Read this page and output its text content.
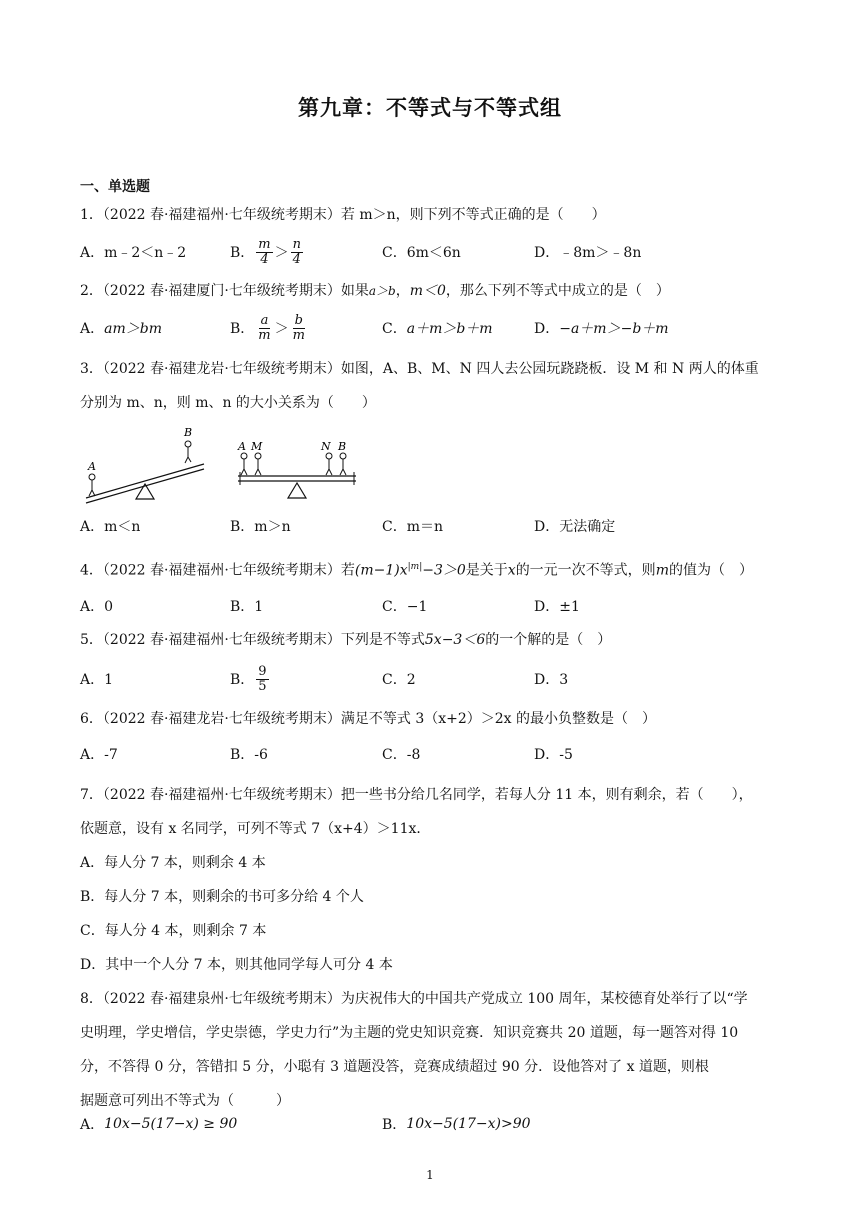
第九章：不等式与不等式组
一、单选题
1．（2022 春·福建福州·七年级统考期末）若 m＞n，则下列不等式正确的是（　　）
A．m﹣2＜n﹣2	B． $\frac{m}{4} > \frac{n}{4}$	C．6m＜6n	D．﹣8m＞﹣8n
2．（2022 春·福建厦门·七年级统考期末）如果a＞b，m＜0，那么下列不等式中成立的是（　）
A． am＞bm	B． $\frac{a}{m} > \frac{b}{m}$	C． a＋m＞b＋m	D． −a＋m＞−b＋m
3．（2022 春·福建龙岩·七年级统考期末）如图，A、B、M、N 四人去公园玩跷跷板．设 M 和 N 两人的体重
分别为 m、n，则 m、n 的大小关系为（　　）
A
B
A M	N B
A．m＜n	B．m＞n	C．m＝n	D．无法确定
4．（2022 春·福建福州·七年级统考期末）若$(m-1)x^{|m|}-3>0$是关于x的一元一次不等式，则m的值为（　）
A．0	B．1	C．−1	D．±1
5．（2022 春·福建福州·七年级统考期末）下列是不等式5x−3＜6的一个解的是（　）
A．1	B． $\frac{9}{5}$	C．2	D．3
6．（2022 春·福建龙岩·七年级统考期末）满足不等式 3（x+2）＞2x 的最小负整数是（　）
A．-7	B．-6	C．-8	D．-5
7．（2022 春·福建福州·七年级统考期末）把一些书分给几名同学，若每人分 11 本，则有剩余，若（　　），
依题意，设有 x 名同学，可列不等式 7（x+4）＞11x．
A．每人分 7 本，则剩余 4 本
B．每人分 7 本，则剩余的书可多分给 4 个人
C．每人分 4 本，则剩余 7 本
D．其中一个人分 7 本，则其他同学每人可分 4 本
8．（2022 春·福建泉州·七年级统考期末）为庆祝伟大的中国共产党成立 100 周年，某校德育处举行了以“学
史明理，学史增信，学史崇德，学史力行”为主题的党史知识竞赛．知识竞赛共 20 道题，每一题答对得 10
分，不答得 0 分，答错扣 5 分，小聪有 3 道题没答，竞赛成绩超过 90 分．设他答对了 x 道题，则根
据题意可列出不等式为（　　　）
A． 10x−5(17−x) ≥ 90	B． 10x−5(17−x)>90
1
